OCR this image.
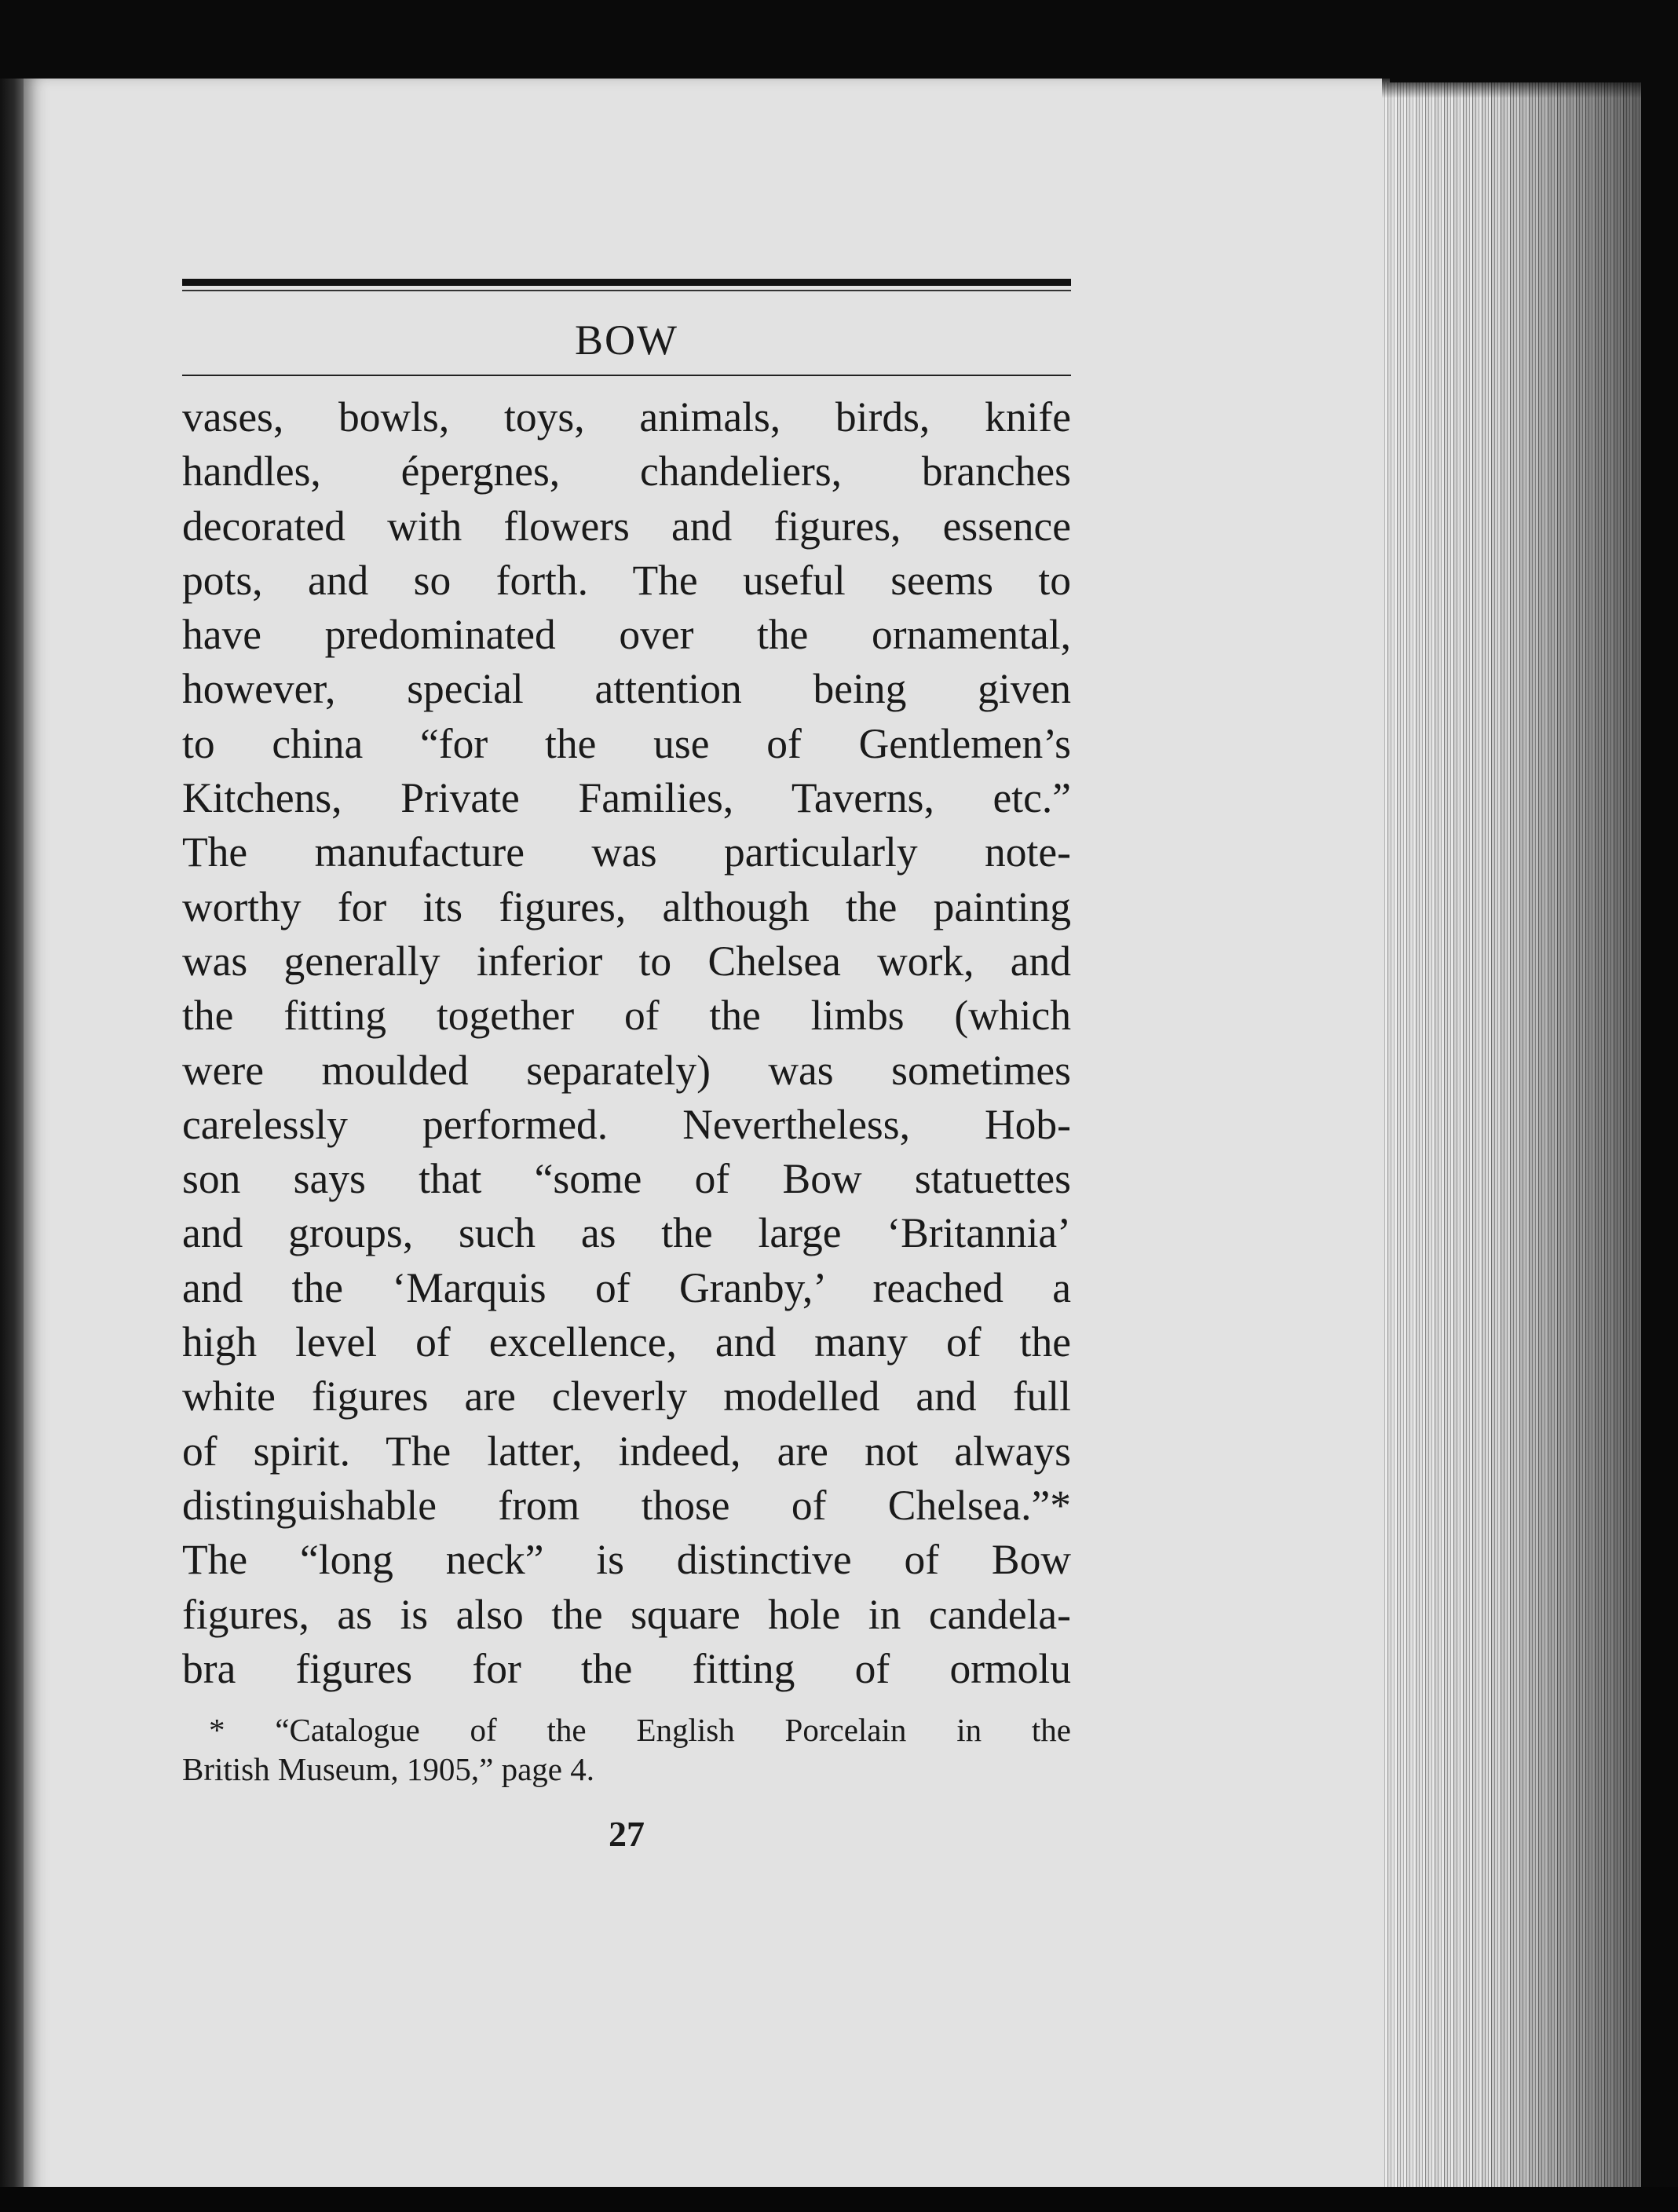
BOW
vases, bowls, toys, animals, birds, knife
handles, épergnes, chandeliers, branches
decorated with flowers and figures, essence
pots, and so forth. The useful seems to
have predominated over the ornamental,
however, special attention being given
to china “for the use of Gentlemen’s
Kitchens, Private Families, Taverns, etc.”
The manufacture was particularly note-
worthy for its figures, although the painting
was generally inferior to Chelsea work, and
the fitting together of the limbs (which
were moulded separately) was sometimes
carelessly performed. Nevertheless, Hob-
son says that “some of Bow statuettes
and groups, such as the large ‘Britannia’
and the ‘Marquis of Granby,’ reached a
high level of excellence, and many of the
white figures are cleverly modelled and full
of spirit. The latter, indeed, are not always
distinguishable from those of Chelsea.”*
The “long neck” is distinctive of Bow
figures, as is also the square hole in candela-
bra figures for the fitting of ormolu
* “Catalogue of the English Porcelain in the
British Museum, 1905,” page 4.
27
